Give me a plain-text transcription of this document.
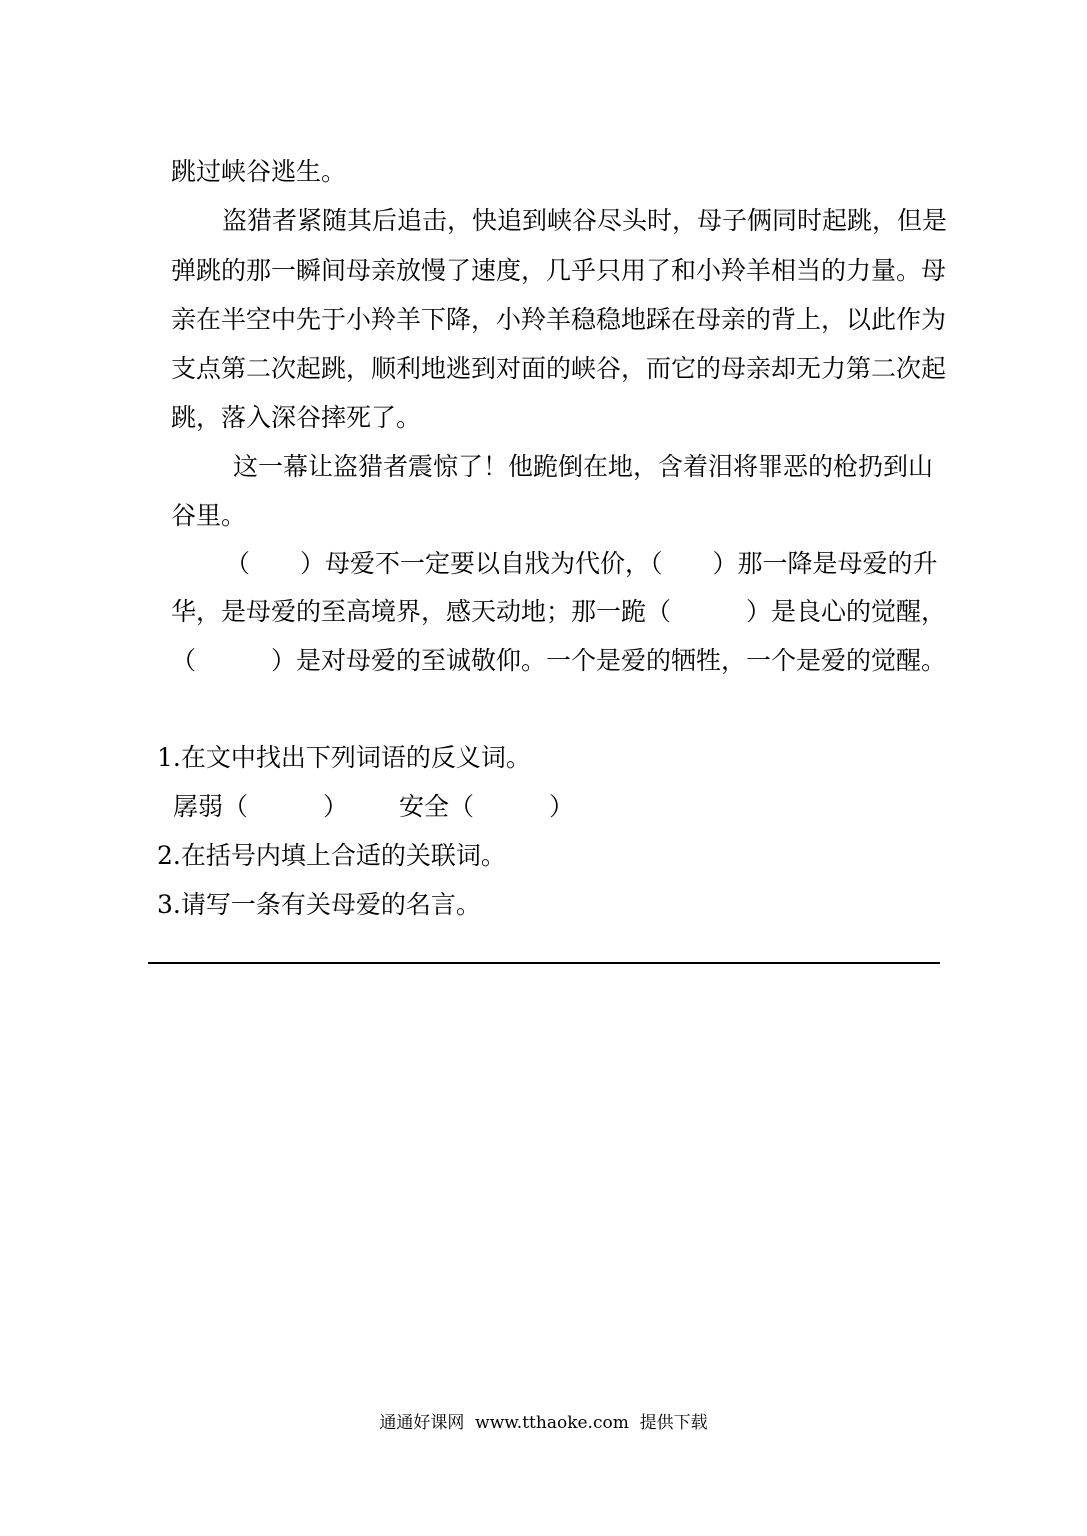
跳过峡谷逃生。
盗猎者紧随其后追击，快追到峡谷尽头时，母子俩同时起跳，但是
弹跳的那一瞬间母亲放慢了速度，几乎只用了和小羚羊相当的力量。母
亲在半空中先于小羚羊下降，小羚羊稳稳地踩在母亲的背上，以此作为
支点第二次起跳，顺利地逃到对面的峡谷，而它的母亲却无力第二次起
跳，落入深谷摔死了。
这一幕让盗猎者震惊了！他跪倒在地，含着泪将罪恶的枪扔到山
谷里。
（　　）母爱不一定要以自戕为代价，（　　）那一降是母爱的升
华，是母爱的至高境界，感天动地；那一跪（　　　）是良心的觉醒，
（　　　）是对母爱的至诚敬仰。一个是爱的牺牲，一个是爱的觉醒。
1.在文中找出下列词语的反义词。
孱弱（　　　） 安全（　　　）
2.在括号内填上合适的关联词。
3.请写一条有关母爱的名言。
通通好课网  www.tthaoke.com  提供下载
